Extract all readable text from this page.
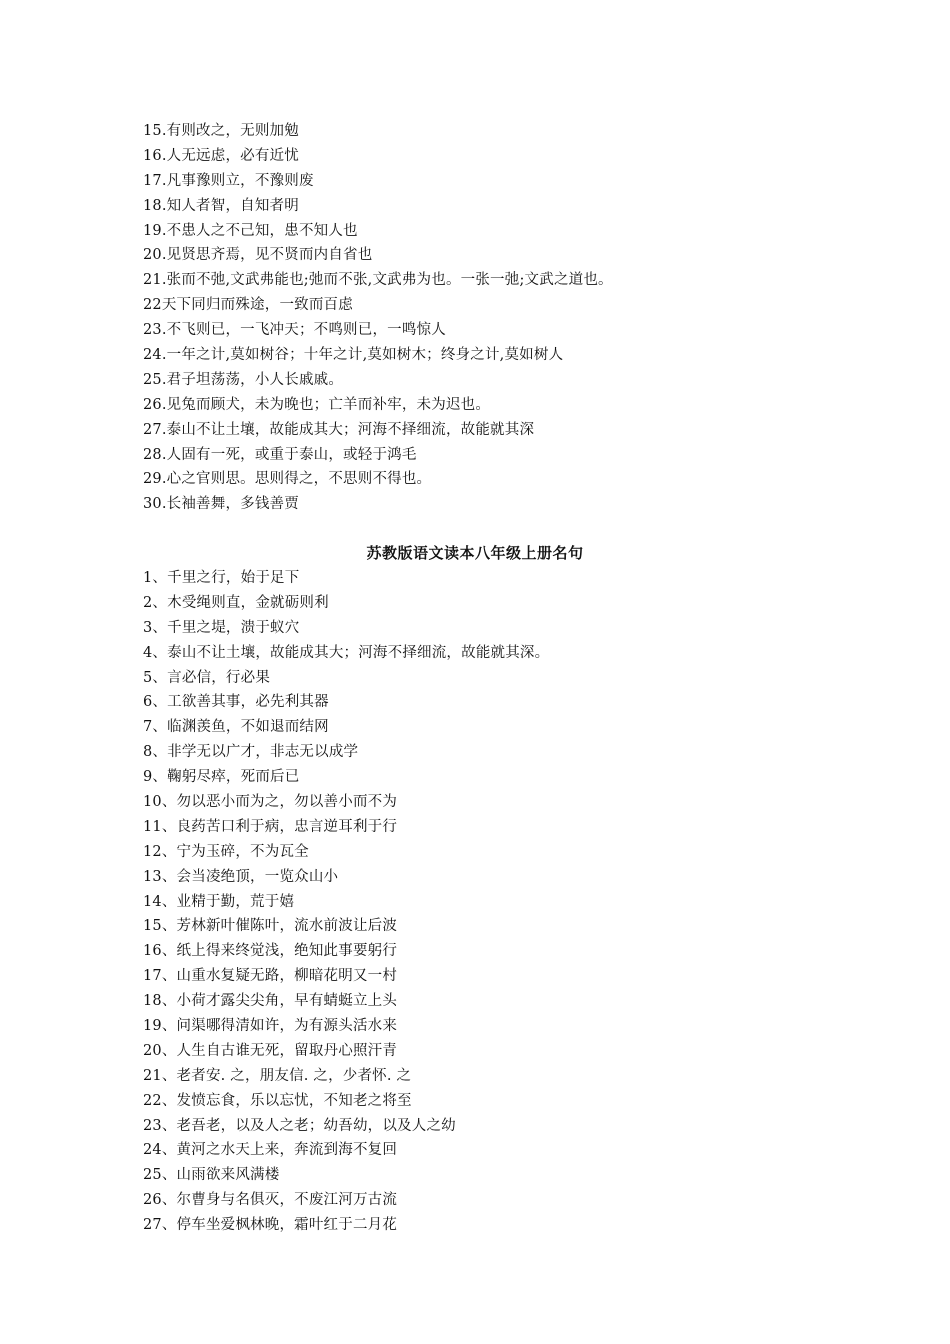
15.有则改之，无则加勉
16.人无远虑，必有近忧
17.凡事豫则立，不豫则废
18.知人者智，自知者明
19.不患人之不己知，患不知人也
20.见贤思齐焉，见不贤而内自省也
21.张而不弛,文武弗能也;弛而不张,文武弗为也。一张一弛;文武之道也。
22天下同归而殊途，一致而百虑
23.不飞则已，一飞冲天；不鸣则已，一鸣惊人
24.一年之计,莫如树谷；十年之计,莫如树木；终身之计,莫如树人
25.君子坦荡荡，小人长戚戚。
26.见兔而顾犬，未为晚也；亡羊而补牢，未为迟也。
27.泰山不让土壤，故能成其大；河海不择细流，故能就其深
28.人固有一死，或重于泰山，或轻于鸿毛
29.心之官则思。思则得之，不思则不得也。
30.长袖善舞，多钱善贾
苏教版语文读本八年级上册名句
1、千里之行，始于足下
2、木受绳则直，金就砺则利
3、千里之堤，溃于蚁穴
4、泰山不让土壤，故能成其大；河海不择细流，故能就其深。
5、言必信，行必果
6、工欲善其事，必先利其器
7、临渊羡鱼，不如退而结网
8、非学无以广才，非志无以成学
9、鞠躬尽瘁，死而后已
10、勿以恶小而为之，勿以善小而不为
11、良药苦口利于病，忠言逆耳利于行
12、宁为玉碎，不为瓦全
13、会当凌绝顶，一览众山小
14、业精于勤，荒于嬉
15、芳林新叶催陈叶，流水前波让后波
16、纸上得来终觉浅，绝知此事要躬行
17、山重水复疑无路，柳暗花明又一村
18、小荷才露尖尖角，早有蜻蜓立上头
19、问渠哪得清如许，为有源头活水来
20、人生自古谁无死，留取丹心照汗青
21、老者安. 之，朋友信. 之，少者怀. 之
22、发愤忘食，乐以忘忧，不知老之将至
23、老吾老，以及人之老；幼吾幼，以及人之幼
24、黄河之水天上来，奔流到海不复回
25、山雨欲来风满楼
26、尔曹身与名俱灭，不废江河万古流
27、停车坐爱枫林晚，霜叶红于二月花
